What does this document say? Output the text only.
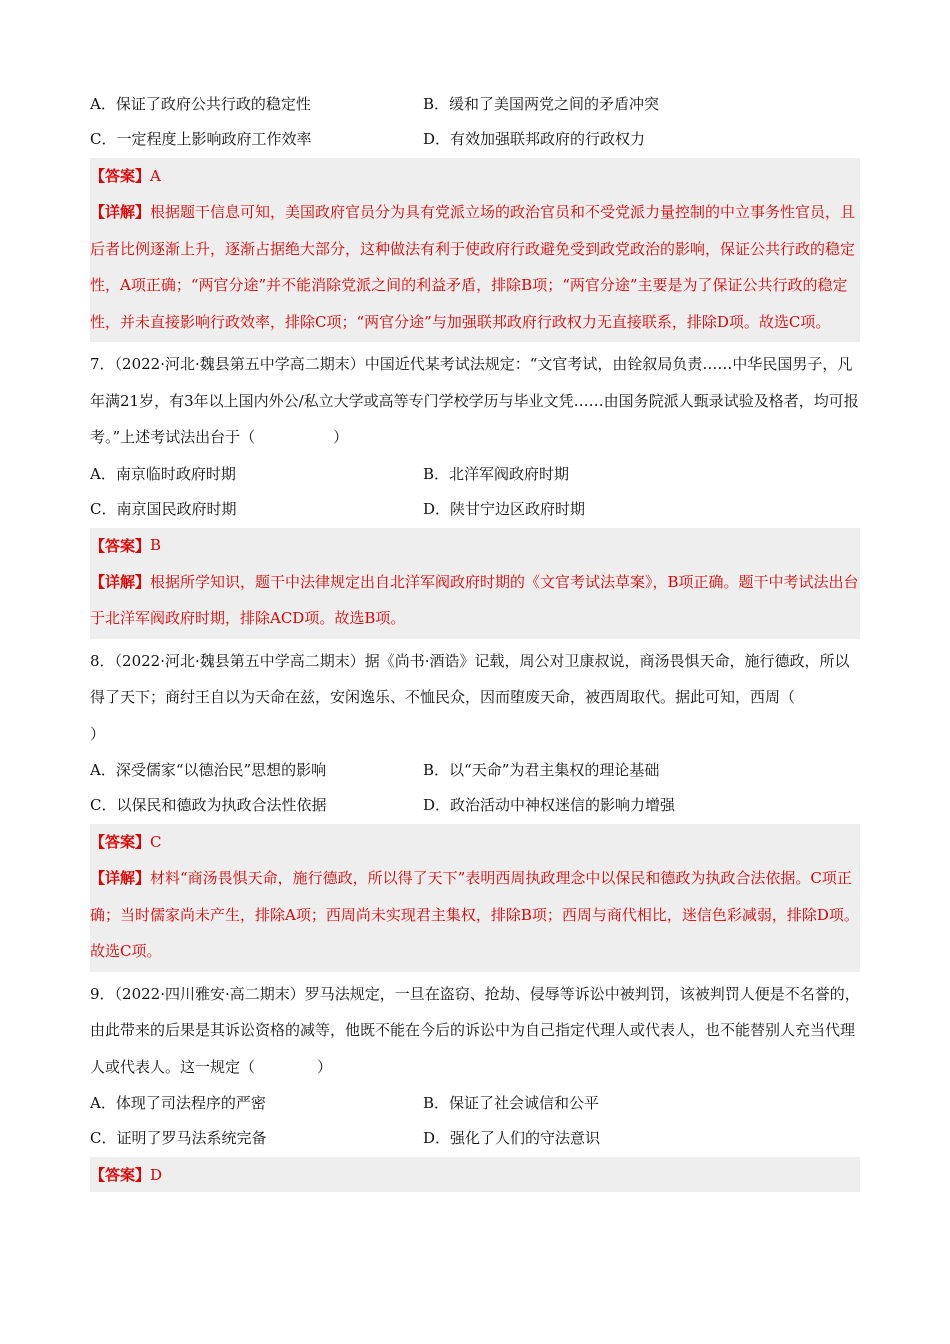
A．保证了政府公共行政的稳定性	B．缓和了美国两党之间的矛盾冲突
C．一定程度上影响政府工作效率	D．有效加强联邦政府的行政权力
【答案】 A
【详解】根据题干信息可知，美国政府官员分为具有党派立场的政治官员和不受党派力量控制的中立事务性官员，且后者比例逐渐上升，逐渐占据绝大部分，这种做法有利于使政府行政避免受到政党政治的影响，保证公共行政的稳定性，A项正确；“两官分途”并不能消除党派之间的利益矛盾，排除B项；“两官分途”主要是为了保证公共行政的稳定性，并未直接影响行政效率，排除C项；“两官分途”与加强联邦政府行政权力无直接联系，排除D项。故选C项。
7．（2022·河北·魏县第五中学高二期末）中国近代某考试法规定：“文官考试，由铨叙局负责……中华民国男子，凡年满21岁，有3年以上国内外公/私立大学或高等专门学校学历与毕业文凭……由国务院派人甄录试验及格者，均可报考。”上述考试法出台于（	）
A．南京临时政府时期	B．北洋军阀政府时期
C．南京国民政府时期	D．陕甘宁边区政府时期
【答案】 B
【详解】根据所学知识，题干中法律规定出自北洋军阀政府时期的《文官考试法草案》，B项正确。题干中考试法出台于北洋军阀政府时期，排除ACD项。故选B项。
8．（2022·河北·魏县第五中学高二期末）据《尚书·酒诰》记载，周公对卫康叔说，商汤畏惧天命，施行德政，所以得了天下；商纣王自以为天命在兹，安闲逸乐、不恤民众，因而堕废天命，被西周取代。据此可知，西周（）
A．深受儒家“以德治民”思想的影响	B．以“天命”为君主集权的理论基础
C．以保民和德政为执政合法性依据	D．政治活动中神权迷信的影响力增强
【答案】 C
【详解】材料“商汤畏惧天命，施行德政，所以得了天下”表明西周执政理念中以保民和德政为执政合法依据。C项正确；当时儒家尚未产生，排除A项；西周尚未实现君主集权，排除B项；西周与商代相比，迷信色彩减弱，排除D项。故选C项。
9．（2022·四川雅安·高二期末）罗马法规定，一旦在盗窃、抢劫、侵辱等诉讼中被判罚，该被判罚人便是不名誉的，由此带来的后果是其诉讼资格的减等，他既不能在今后的诉讼中为自己指定代理人或代表人，也不能替别人充当代理人或代表人。这一规定（	）
A．体现了司法程序的严密	B．保证了社会诚信和公平
C．证明了罗马法系统完备	D．强化了人们的守法意识
【答案】 D
